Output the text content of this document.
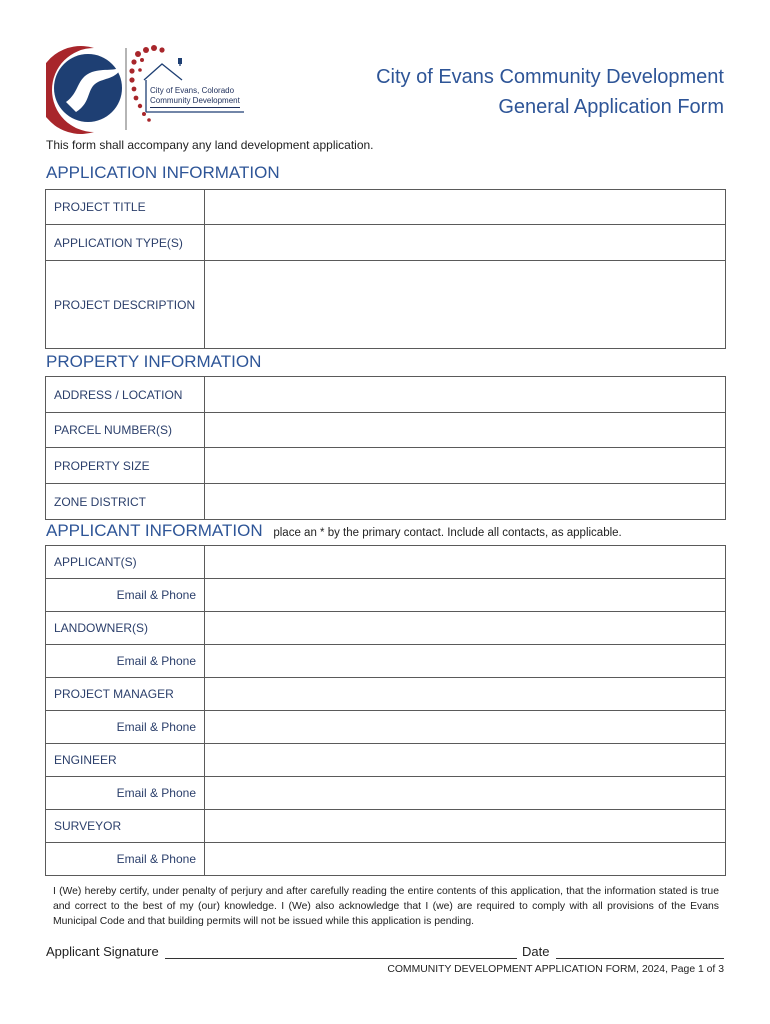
City of Evans, Colorado
Community Development
City of Evans Community Development
General Application Form
This form shall accompany any land development application.
APPLICATION INFORMATION
PROJECT TITLE	
APPLICATION TYPE(S)	
PROJECT DESCRIPTION	
PROPERTY INFORMATION
ADDRESS / LOCATION	
PARCEL NUMBER(S)	
PROPERTY SIZE	
ZONE DISTRICT	
APPLICANT INFORMATION place an * by the primary contact. Include all contacts, as applicable.
APPLICANT(S)	
Email & Phone	
LANDOWNER(S)	
Email & Phone	
PROJECT MANAGER	
Email & Phone	
ENGINEER	
Email & Phone	
SURVEYOR	
Email & Phone	
I (We) hereby certify, under penalty of perjury and after carefully reading the entire contents of this application, that the information stated is true and correct to the best of my (our) knowledge. I (We) also acknowledge that I (we) are required to comply with all provisions of the Evans Municipal Code and that building permits will not be issued while this application is pending.
Applicant Signature	Date
COMMUNITY DEVELOPMENT APPLICATION FORM, 2024, Page 1 of 3
